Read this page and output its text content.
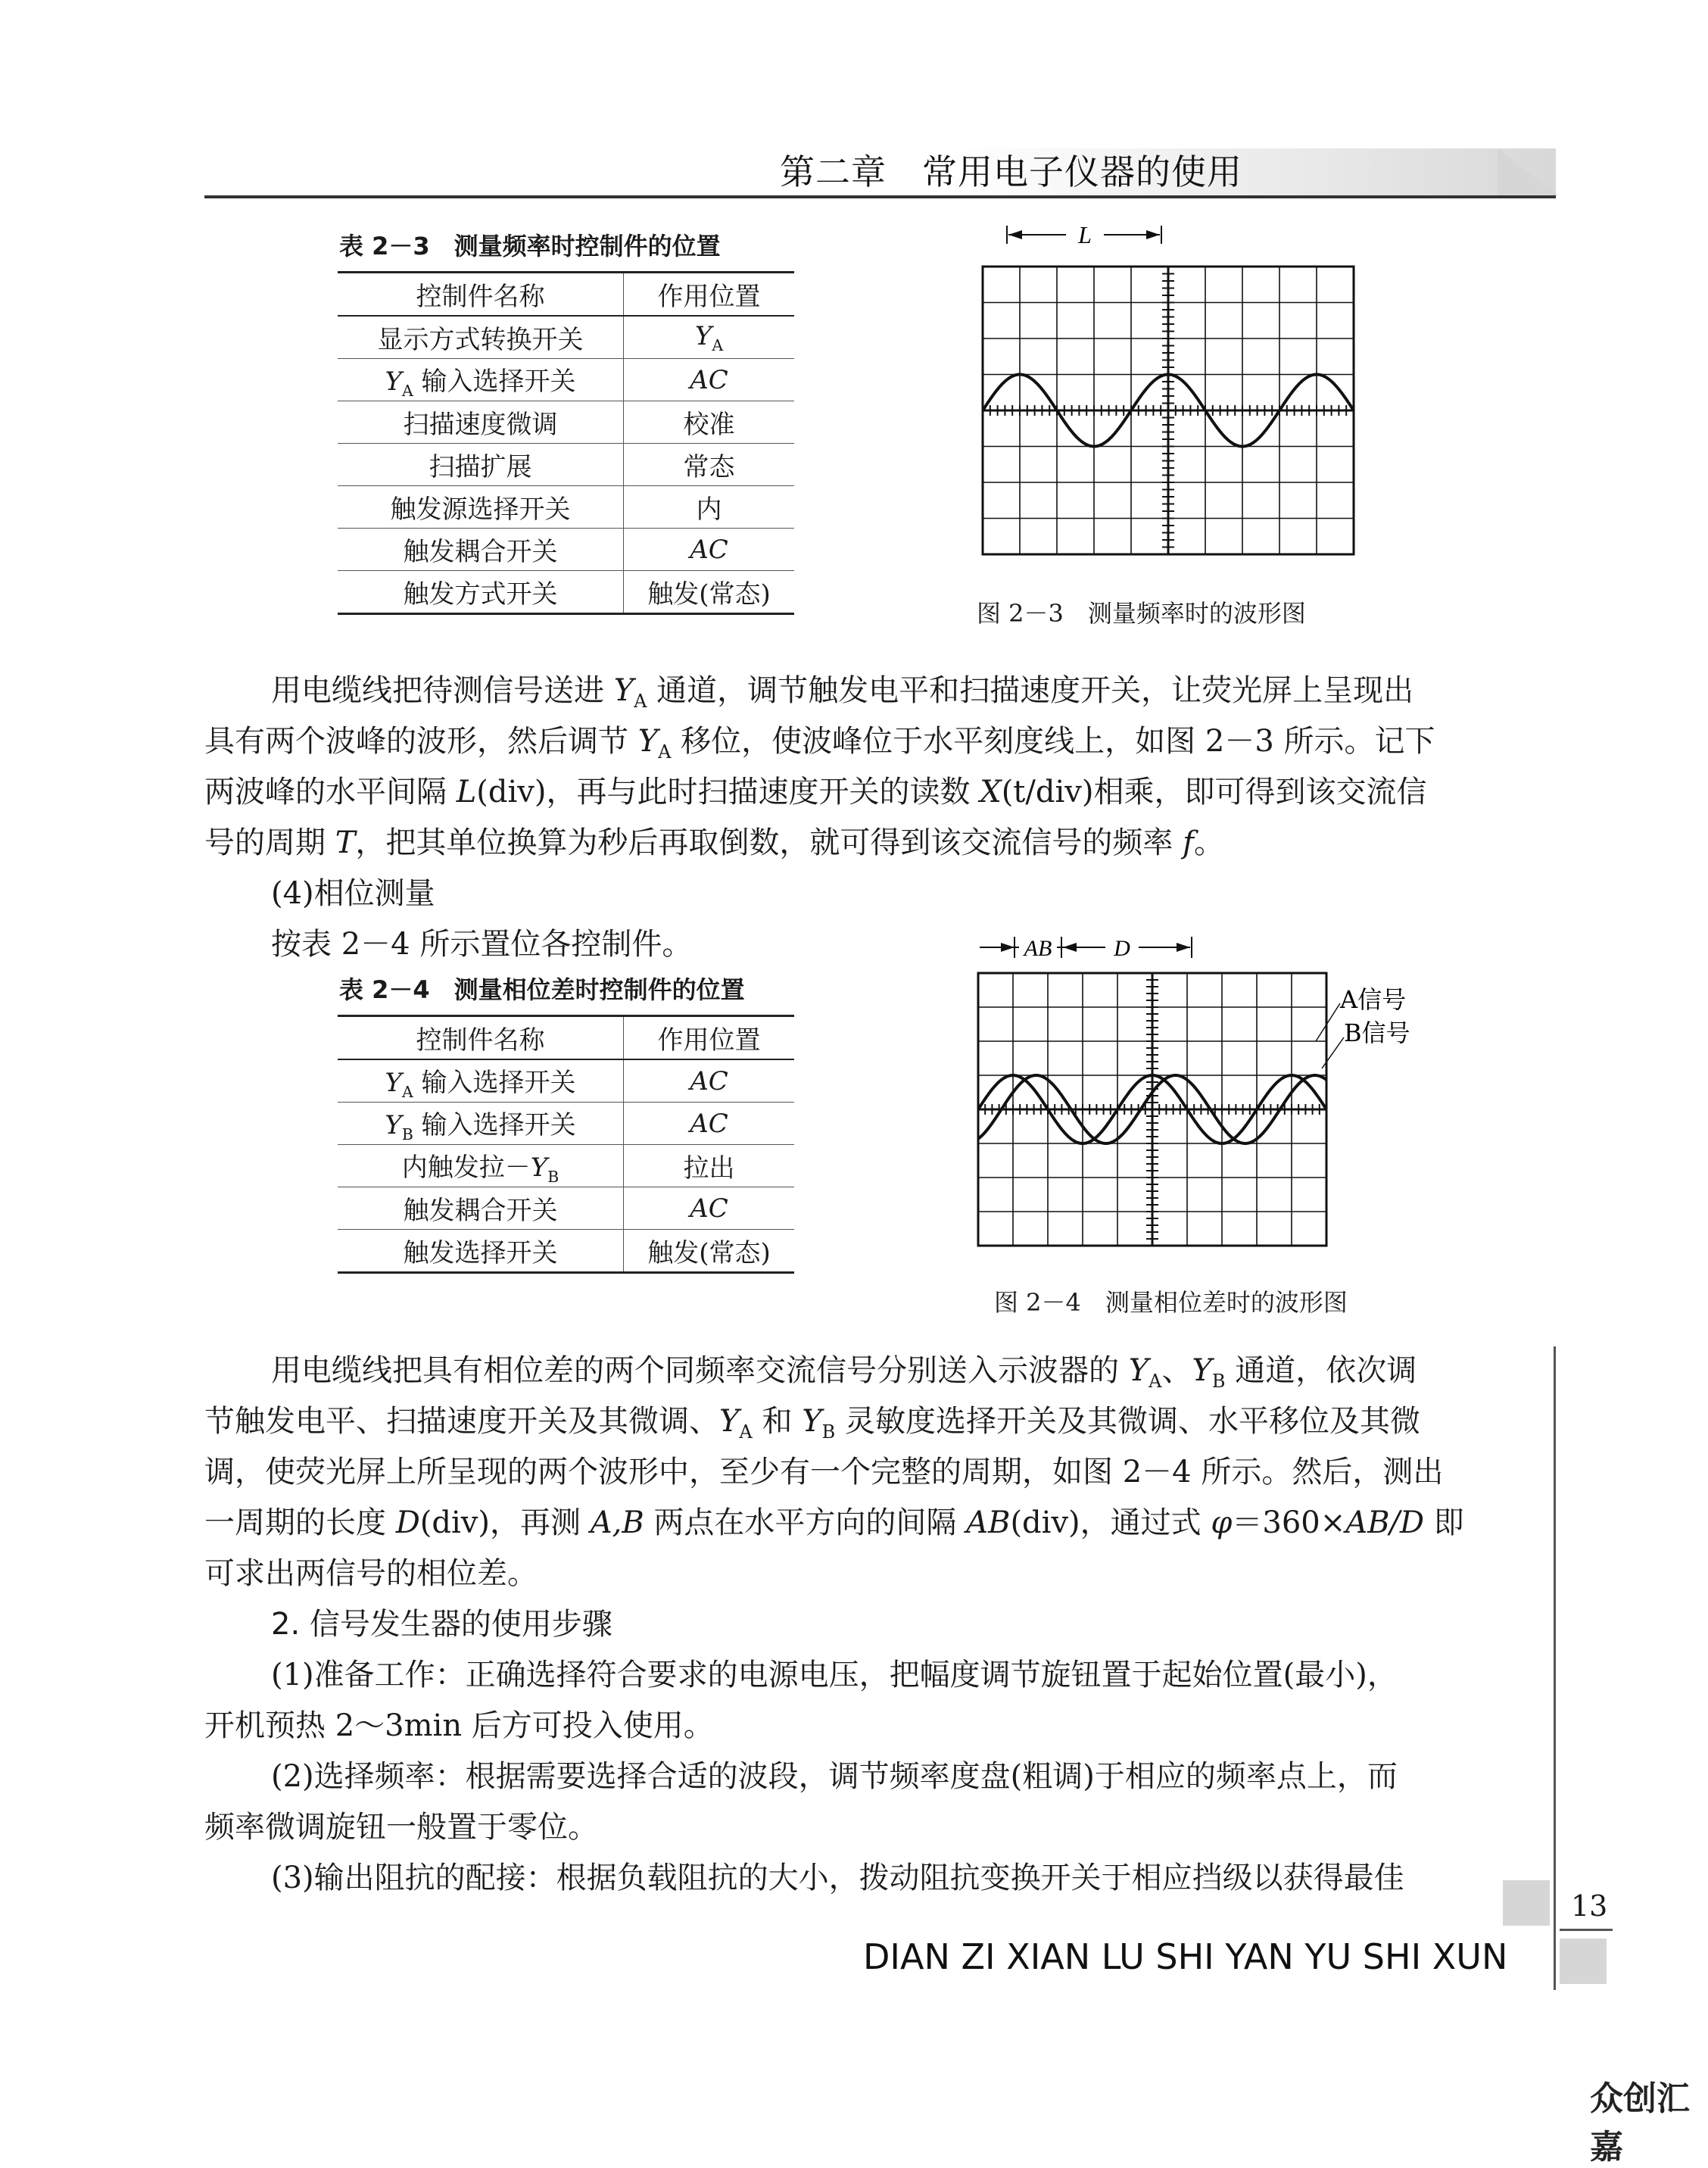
第二章　常用电子仪器的使用
表 2－3　测量频率时控制件的位置
控制件名称	作用位置
显示方式转换开关	$Y_A$
$Y_A$ 输入选择开关	AC
扫描速度微调	校准
扫描扩展	常态
触发源选择开关	内
触发耦合开关	AC
触发方式开关	触发(常态)
L
图 2－3　测量频率时的波形图
用电缆线把待测信号送进 $Y_A$ 通道，调节触发电平和扫描速度开关，让荧光屏上呈现出
具有两个波峰的波形，然后调节 $Y_A$ 移位，使波峰位于水平刻度线上，如图 2－3 所示。记下
两波峰的水平间隔 L(div)，再与此时扫描速度开关的读数 X(t/div)相乘，即可得到该交流信
号的周期 T，把其单位换算为秒后再取倒数，就可得到该交流信号的频率 f。
(4)相位测量
按表 2－4 所示置位各控制件。
表 2－4　测量相位差时控制件的位置
控制件名称	作用位置
$Y_A$ 输入选择开关	AC
$Y_B$ 输入选择开关	AC
内触发拉$-Y_B$	拉出
触发耦合开关	AC
触发选择开关	触发(常态)
AB	D
A信号
B信号
图 2－4　测量相位差时的波形图
用电缆线把具有相位差的两个同频率交流信号分别送入示波器的 $Y_A$、$Y_B$ 通道，依次调
节触发电平、扫描速度开关及其微调、$Y_A$ 和 $Y_B$ 灵敏度选择开关及其微调、水平移位及其微
调，使荧光屏上所呈现的两个波形中，至少有一个完整的周期，如图 2－4 所示。然后，测出
一周期的长度 D(div)，再测 A,B 两点在水平方向的间隔 AB(div)，通过式 φ＝360×AB/D 即
可求出两信号的相位差。
2. 信号发生器的使用步骤
(1)准备工作：正确选择符合要求的电源电压，把幅度调节旋钮置于起始位置(最小)，
开机预热 2～3min 后方可投入使用。
(2)选择频率：根据需要选择合适的波段，调节频率度盘(粗调)于相应的频率点上，而
频率微调旋钮一般置于零位。
(3)输出阻抗的配接：根据负载阻抗的大小，拨动阻抗变换开关于相应挡级以获得最佳
13
DIAN ZI XIAN LU SHI YAN YU SHI XUN
众创汇嘉
